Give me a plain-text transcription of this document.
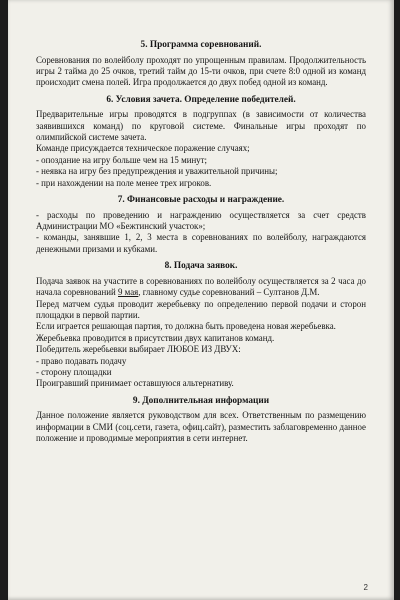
5. Программа соревнований.

Соревнования по волейболу проходят по упрощенным правилам. Продолжительность игры 2 тайма до 25 очков, третий тайм до 15-ти очков, при счете 8:0 одной из команд происходит смена полей. Игра продолжается до двух побед одной из команд.

6. Условия зачета. Определение победителей.

Предварительные игры проводятся в подгруппах (в зависимости от количества заявившихся команд) по круговой системе. Финальные игры проходят по олимпийской системе зачета.

Команде присуждается техническое поражение случаях;

- опоздание на игру больше чем на 15 минут;

- неявка на игру без предупреждения и уважительной причины;

- при нахождении на поле менее трех игроков.

7. Финансовые расходы и награждение.

- расходы по проведению и награждению осуществляется за счет средств Администрации МО «Бежтинский участок»;

- команды, занявшие 1, 2, 3 места в соревнованиях по волейболу, награждаются денежными призами и кубками.

8. Подача заявок.

Подача заявок на участите в соревнованиях по волейболу осуществляется за 2 часа до начала соревнований 9 мая, главному судье соревнований – Султанов Д.М.

Перед матчем судья проводит жеребьевку по определению первой подачи и сторон площадки в первой партии.

Если играется решающая партия, то должна быть проведена новая жеребьевка.

Жеребьевка проводится в присутствии двух капитанов команд.

Победитель жеребьевки выбирает ЛЮБОЕ ИЗ ДВУХ:

- право подавать подачу

- сторону площадки

Проигравший принимает оставшуюся альтернативу.

9. Дополнительная информации

Данное положение является руководством для всех. Ответственным по размещению информации в СМИ (соц.сети, газета, офиц.сайт), разместить заблаговременно данное положение и проводимые мероприятия в сети интернет.

2
